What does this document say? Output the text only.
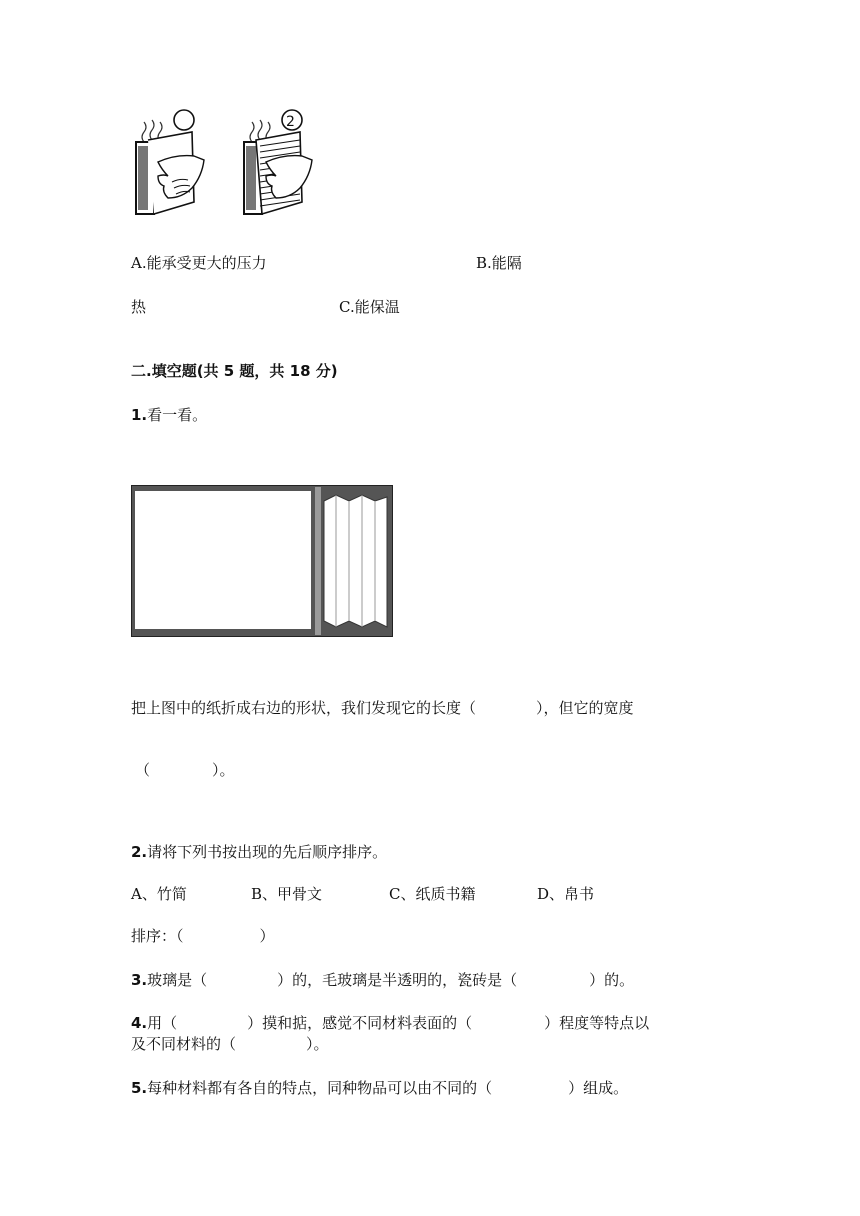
2
A.能承受更大的压力	B.能隔
热	C.能保温
二.填空题(共 5 题，共 18 分)
1.看一看。
把上图中的纸折成右边的形状，我们发现它的长度（	），但它的宽度
（	）。
2.请将下列书按出现的先后顺序排序。
A、竹简	B、甲骨文	C、纸质书籍	D、帛书
排序：（	）
3.玻璃是（	）的，毛玻璃是半透明的，瓷砖是（	）的。
4.用（	）摸和掂，感觉不同材料表面的（	）程度等特点以
及不同材料的（	）。
5.每种材料都有各自的特点，同种物品可以由不同的（	）组成。
